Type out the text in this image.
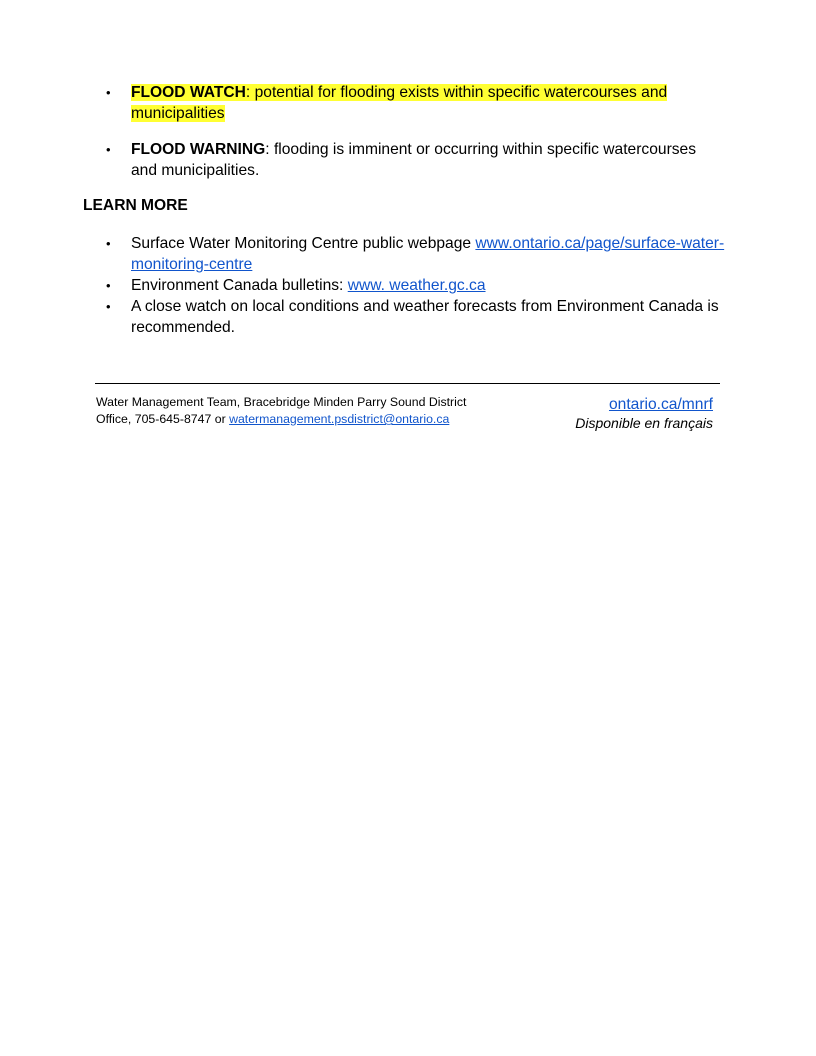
• FLOOD WATCH: potential for flooding exists within specific watercourses and municipalities
• FLOOD WARNING: flooding is imminent or occurring within specific watercourses and municipalities.
LEARN MORE
• Surface Water Monitoring Centre public webpage www.ontario.ca/page/surface-water-monitoring-centre
• Environment Canada bulletins: www. weather.gc.ca
• A close watch on local conditions and weather forecasts from Environment Canada is recommended.
Water Management Team, Bracebridge Minden Parry Sound District
Office, 705-645-8747 or watermanagement.psdistrict@ontario.ca
ontario.ca/mnrf
Disponible en français
